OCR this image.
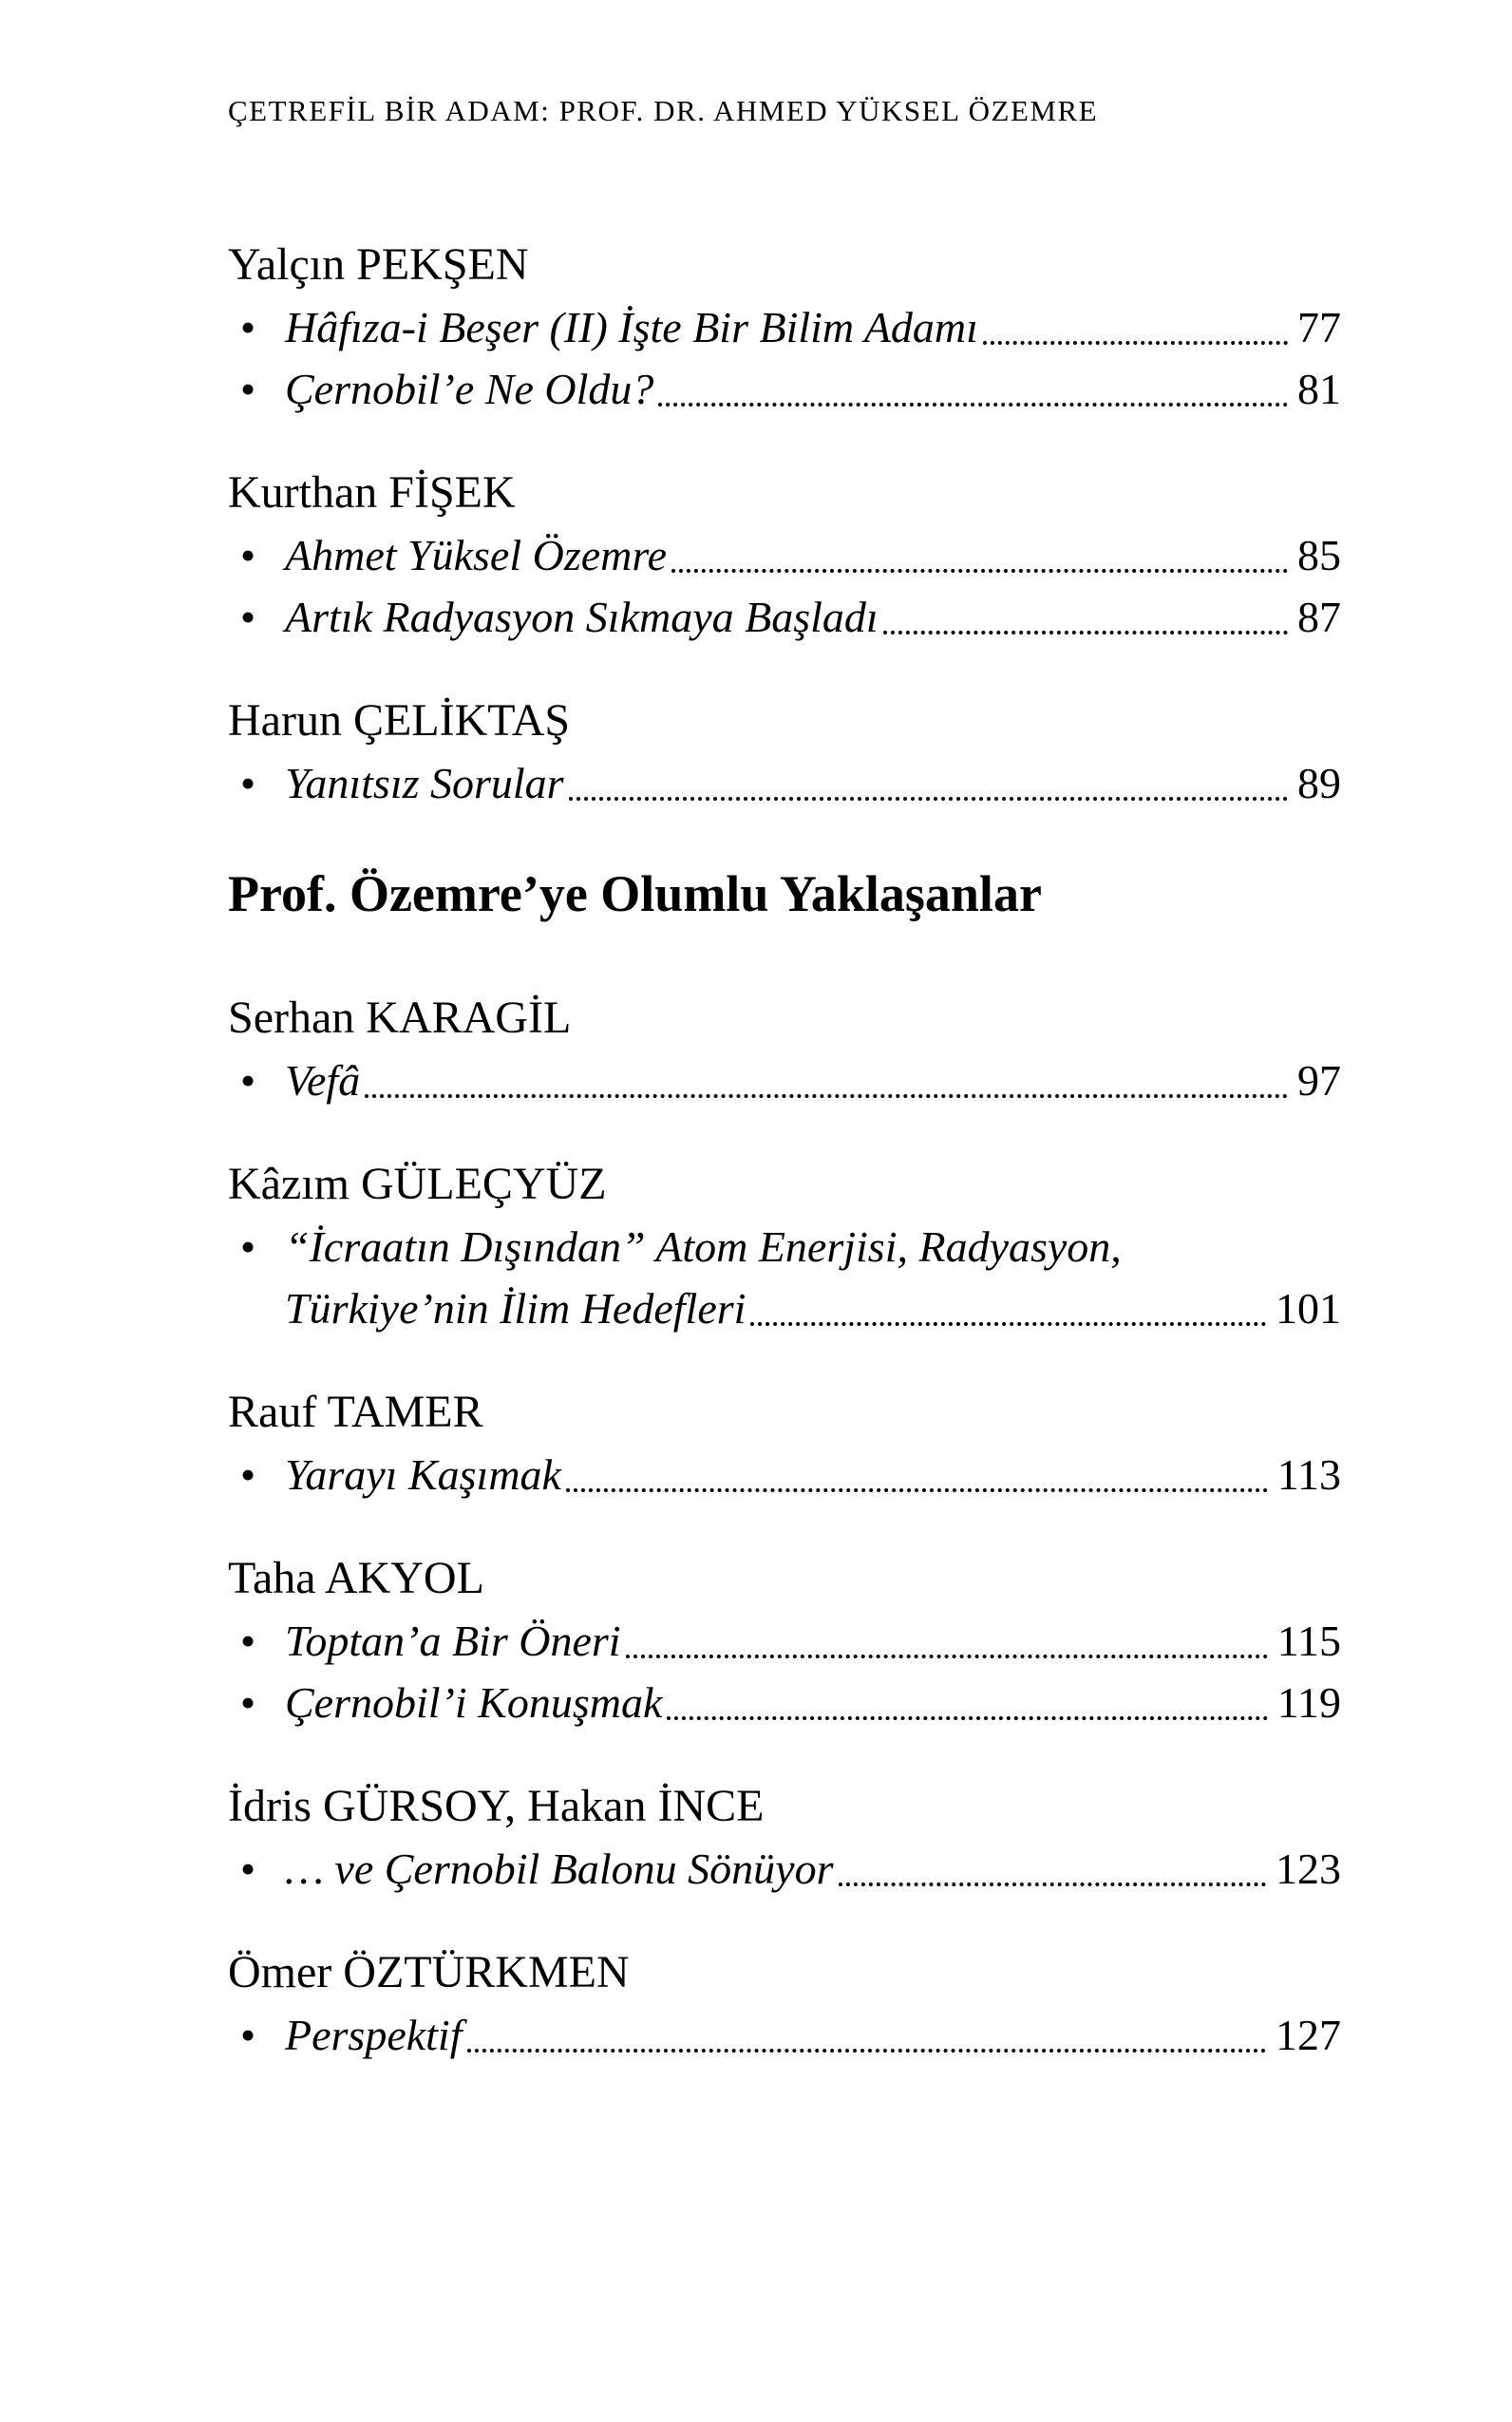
ÇETREFİL BİR ADAM: PROF. DR. AHMED YÜKSEL ÖZEMRE
Yalçın PEKŞEN
• Hâfıza-i Beşer (II) İşte Bir Bilim Adamı	77
• Çernobil’e Ne Oldu?	81
Kurthan FİŞEK
• Ahmet Yüksel Özemre	85
• Artık Radyasyon Sıkmaya Başladı	87
Harun ÇELİKTAŞ
• Yanıtsız Sorular	89
Prof. Özemre’ye Olumlu Yaklaşanlar
Serhan KARAGİL
• Vefâ	97
Kâzım GÜLEÇYÜZ
• “İcraatın Dışından” Atom Enerjisi, Radyasyon,
Türkiye’nin İlim Hedefleri	101
Rauf TAMER
• Yarayı Kaşımak	113
Taha AKYOL
• Toptan’a Bir Öneri	115
• Çernobil’i Konuşmak	119
İdris GÜRSOY, Hakan İNCE
• … ve Çernobil Balonu Sönüyor	123
Ömer ÖZTÜRKMEN
• Perspektif	127
